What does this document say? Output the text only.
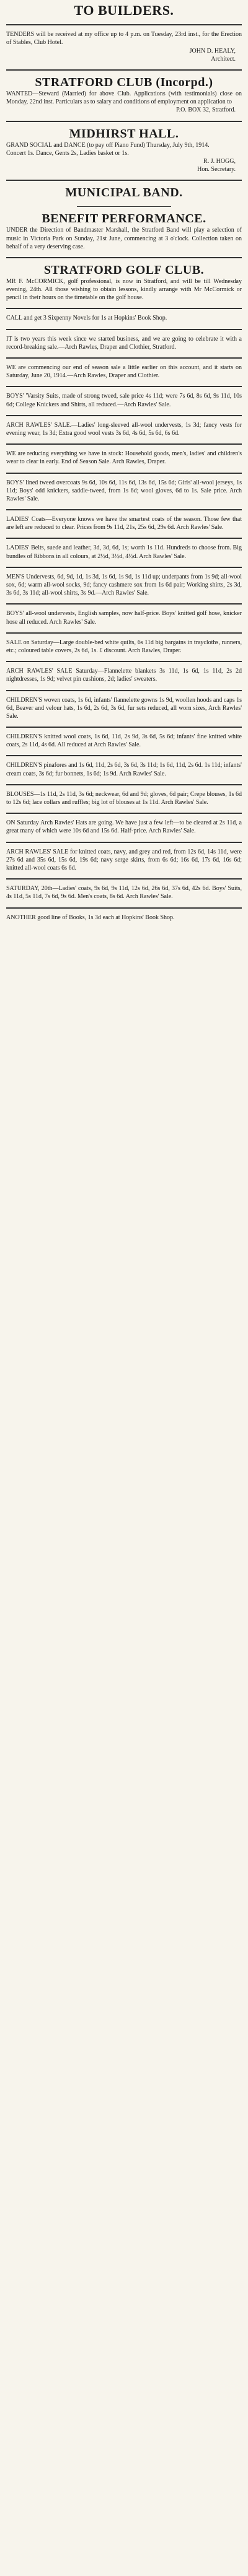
TO BUILDERS.

TENDERS will be received at my office up to 4 p.m. on Tuesday, 23rd inst., for the Erection of Stables, Club Hotel.

JOHN D. HEALY,
Architect.
STRATFORD CLUB (Incorpd.)

WANTED—Steward (Married) for above Club. Applications (with testimonials) close on Monday, 22nd inst. Particulars as to salary and conditions of employment on application to

P.O. BOX 32, Stratford.
MIDHIRST HALL.

GRAND SOCIAL and DANCE (to pay off Piano Fund) Thursday, July 9th, 1914.

Concert 1s. Dance, Gents 2s, Ladies basket or 1s.

R. J. HOGG,
Hon. Secretary.
MUNICIPAL BAND.
BENEFIT PERFORMANCE.

UNDER the Direction of Bandmaster Marshall, the Stratford Band will play a selection of music in Victoria Park on Sunday, 21st June, commencing at 3 o'clock. Collection taken on behalf of a very deserving case.

STRATFORD GOLF CLUB.

MR F. McCORMICK, golf professional, is now in Stratford, and will be till Wednesday evening, 24th. All those wishing to obtain lessons, kindly arrange with Mr McCormick or pencil in their hours on the timetable on the golf house.

CALL and get 3 Sixpenny Novels for 1s at Hopkins' Book Shop.

IT is two years this week since we started business, and we are going to celebrate it with a record-breaking sale.—Arch Rawles, Draper and Clothier, Stratford.

WE are commencing our end of season sale a little earlier on this account, and it starts on Saturday, June 20, 1914.—Arch Rawles, Draper and Clothier.

BOYS' 'Varsity Suits, made of strong tweed, sale price 4s 11d; were 7s 6d, 8s 6d, 9s 11d, 10s 6d; College Knickers and Shirts, all reduced.—Arch Rawles' Sale.

ARCH RAWLES' SALE.—Ladies' long-sleeved all-wool undervests, 1s 3d; fancy vests for evening wear, 1s 3d; Extra good wool vests 3s 6d, 4s 6d, 5s 6d, 6s 6d.

WE are reducing everything we have in stock: Household goods, men's, ladies' and children's wear to clear in early. End of Season Sale. Arch Rawles, Draper.

BOYS' lined tweed overcoats 9s 6d, 10s 6d, 11s 6d, 13s 6d, 15s 6d; Girls' all-wool jerseys, 1s 11d; Boys' odd knickers, saddle-tweed, from 1s 6d; wool gloves, 6d to 1s. Sale price. Arch Rawles' Sale.

LADIES' Coats—Everyone knows we have the smartest coats of the season. Those few that are left are reduced to clear. Prices from 9s 11d, 21s, 25s 6d, 29s 6d. Arch Rawles' Sale.

LADIES' Belts, suede and leather, 3d, 3d, 6d, 1s; worth 1s 11d. Hundreds to choose from. Big bundles of Ribbons in all colours, at 2½d, 3½d, 4½d. Arch Rawles' Sale.

MEN'S Undervests, 6d, 9d, 1d, 1s 3d, 1s 6d, 1s 9d, 1s 11d up; underpants from 1s 9d; all-wool sox, 6d; warm all-wool socks, 9d; fancy cashmere sox from 1s 6d pair; Working shirts, 2s 3d, 3s 6d, 3s 11d; all-wool shirts, 3s 9d.—Arch Rawles' Sale.

BOYS' all-wool undervests, English samples, now half-price. Boys' knitted golf hose, knicker hose all reduced. Arch Rawles' Sale.

SALE on Saturday—Large double-bed white quilts, 6s 11d big bargains in traycloths, runners, etc.; coloured table covers, 2s 6d, 1s. £ discount. Arch Rawles, Draper.

ARCH RAWLES' SALE Saturday—Flannelette blankets 3s 11d, 1s 6d, 1s 11d, 2s 2d nightdresses, 1s 9d; velvet pin cushions, 2d; ladies' sweaters.

CHILDREN'S woven coats, 1s 6d, infants' flannelette gowns 1s 9d, woollen hoods and caps 1s 6d, Beaver and velour hats, 1s 6d, 2s 6d, 3s 6d, fur sets reduced, all worn sizes, Arch Rawles' Sale.

CHILDREN'S knitted wool coats, 1s 6d, 11d, 2s 9d, 3s 6d, 5s 6d; infants' fine knitted white coats, 2s 11d, 4s 6d. All reduced at Arch Rawles' Sale.

CHILDREN'S pinafores and 1s 6d, 11d, 2s 6d, 3s 6d, 3s 11d; 1s 6d, 11d, 2s 6d. 1s 11d; infants' cream coats, 3s 6d; fur bonnets, 1s 6d; 1s 9d. Arch Rawles' Sale.

BLOUSES—1s 11d, 2s 11d, 3s 6d; neckwear, 6d and 9d; gloves, 6d pair; Crepe blouses, 1s 6d to 12s 6d; lace collars and ruffles; big lot of blouses at 1s 11d. Arch Rawles' Sale.

ON Saturday Arch Rawles' Hats are going. We have just a few left—to be cleared at 2s 11d, a great many of which were 10s 6d and 15s 6d. Half-price. Arch Rawles' Sale.

ARCH RAWLES' SALE for knitted coats, navy, and grey and red, from 12s 6d, 14s 11d, were 27s 6d and 35s 6d, 15s 6d, 19s 6d; navy serge skirts, from 6s 6d; 16s 6d, 17s 6d, 16s 6d; knitted all-wool coats 6s 6d.

SATURDAY, 20th—Ladies' coats, 9s 6d, 9s 11d, 12s 6d, 26s 6d, 37s 6d, 42s 6d. Boys' Suits, 4s 11d, 5s 11d, 7s 6d, 9s 6d. Men's coats, 8s 6d. Arch Rawles' Sale.

ANOTHER good line of Books, 1s 3d each at Hopkins' Book Shop.
